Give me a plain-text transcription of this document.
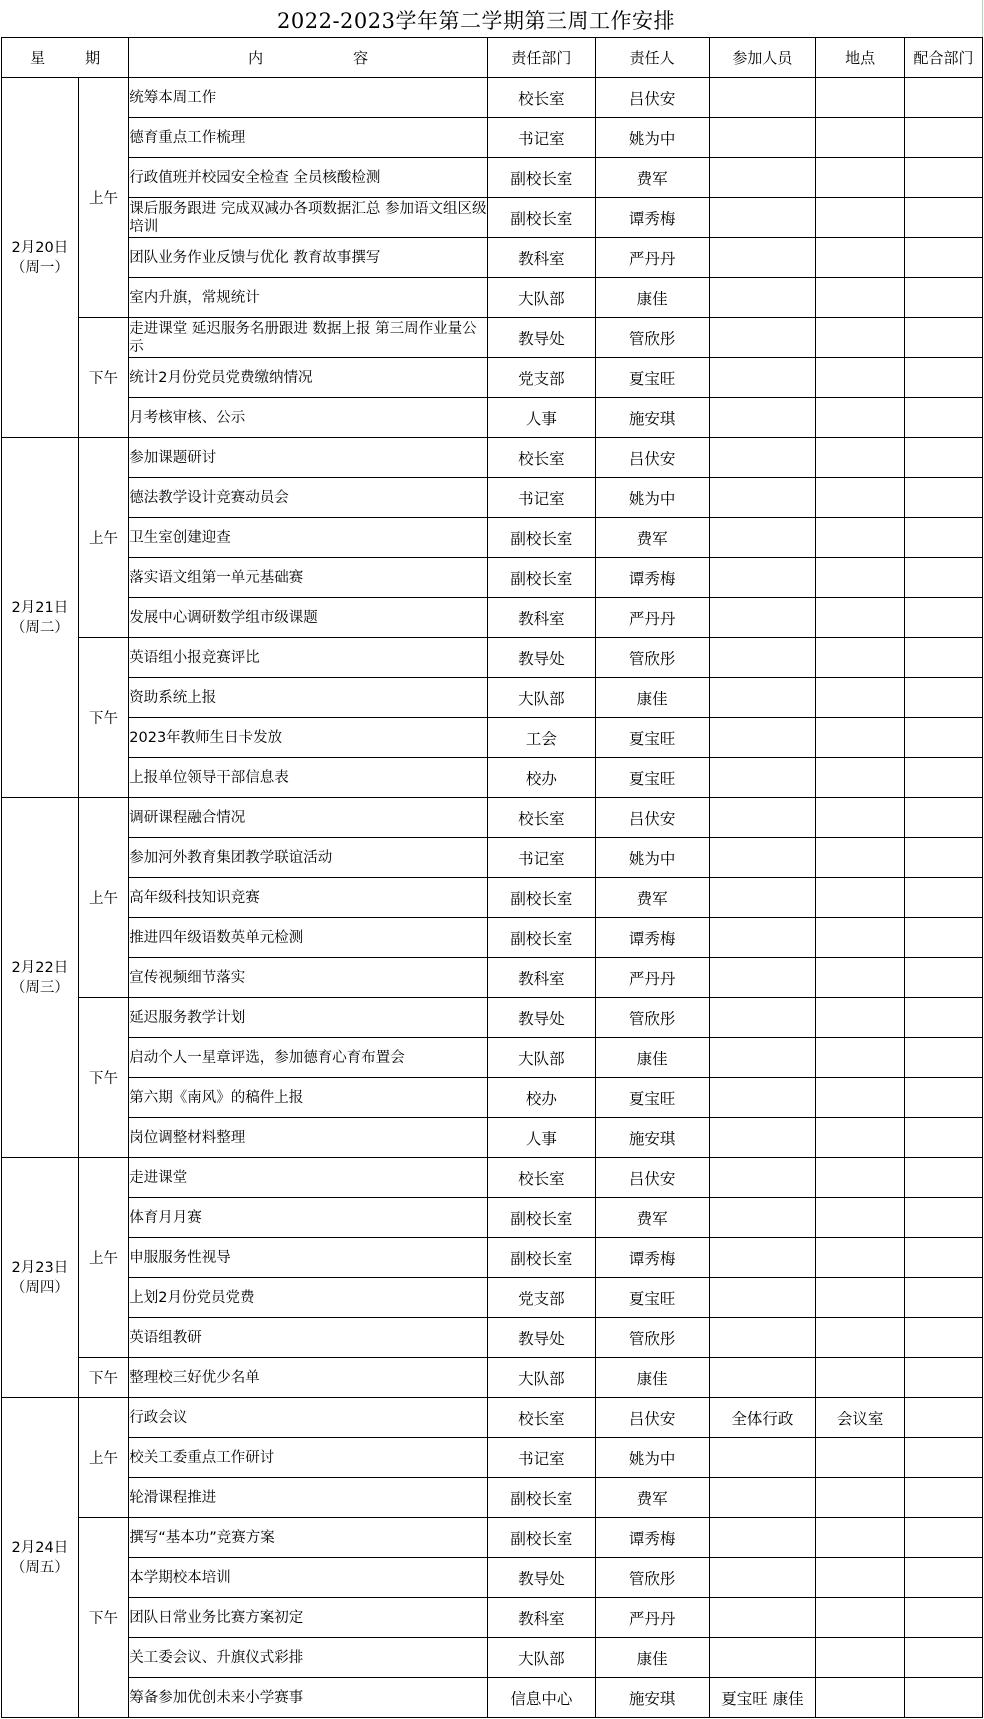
2022-2023学年第二学期第三周工作安排
星 期		内 容	责任部门	责任人	参加人员	地点	配合部门

2月20日
（周一）	上午	统筹本周工作	校长室	吕伏安			
		德育重点工作梳理	书记室	姚为中			
		行政值班并校园安全检查 全员核酸检测	副校长室	费军			
		课后服务跟进 完成双减办各项数据汇总 参加语文组区级培训	副校长室	谭秀梅			
		团队业务作业反馈与优化 教育故事撰写	教科室	严丹丹			
		室内升旗，常规统计	大队部	康佳			
	下午	走进课堂 延迟服务名册跟进 数据上报 第三周作业量公示	教导处	管欣彤			
		统计2月份党员党费缴纳情况	党支部	夏宝旺			
		月考核审核、公示	人事	施安琪			

2月21日
（周二）	上午	参加课题研讨	校长室	吕伏安			
		德法教学设计竞赛动员会	书记室	姚为中			
		卫生室创建迎查	副校长室	费军			
		落实语文组第一单元基础赛	副校长室	谭秀梅			
		发展中心调研数学组市级课题	教科室	严丹丹			
	下午	英语组小报竞赛评比	教导处	管欣彤			
		资助系统上报	大队部	康佳			
		2023年教师生日卡发放	工会	夏宝旺			
		上报单位领导干部信息表	校办	夏宝旺			

2月22日
（周三）	上午	调研课程融合情况	校长室	吕伏安			
		参加河外教育集团教学联谊活动	书记室	姚为中			
		高年级科技知识竞赛	副校长室	费军			
		推进四年级语数英单元检测	副校长室	谭秀梅			
		宣传视频细节落实	教科室	严丹丹			
	下午	延迟服务教学计划	教导处	管欣彤			
		启动个人一星章评选，参加德育心育布置会	大队部	康佳			
		第六期《南风》的稿件上报	校办	夏宝旺			
		岗位调整材料整理	人事	施安琪			

2月23日
（周四）	上午	走进课堂	校长室	吕伏安			
		体育月月赛	副校长室	费军			
		申服服务性视导	副校长室	谭秀梅			
		上划2月份党员党费	党支部	夏宝旺			
		英语组教研	教导处	管欣彤			
	下午	整理校三好优少名单	大队部	康佳			

2月24日
（周五）	上午	行政会议	校长室	吕伏安	全体行政	会议室	
		校关工委重点工作研讨	书记室	姚为中			
		轮滑课程推进	副校长室	费军			
	下午	撰写“基本功”竞赛方案	副校长室	谭秀梅			
		本学期校本培训	教导处	管欣彤			
		团队日常业务比赛方案初定	教科室	严丹丹			
		关工委会议、升旗仪式彩排	大队部	康佳			
		筹备参加优创未来小学赛事	信息中心	施安琪	夏宝旺 康佳		
